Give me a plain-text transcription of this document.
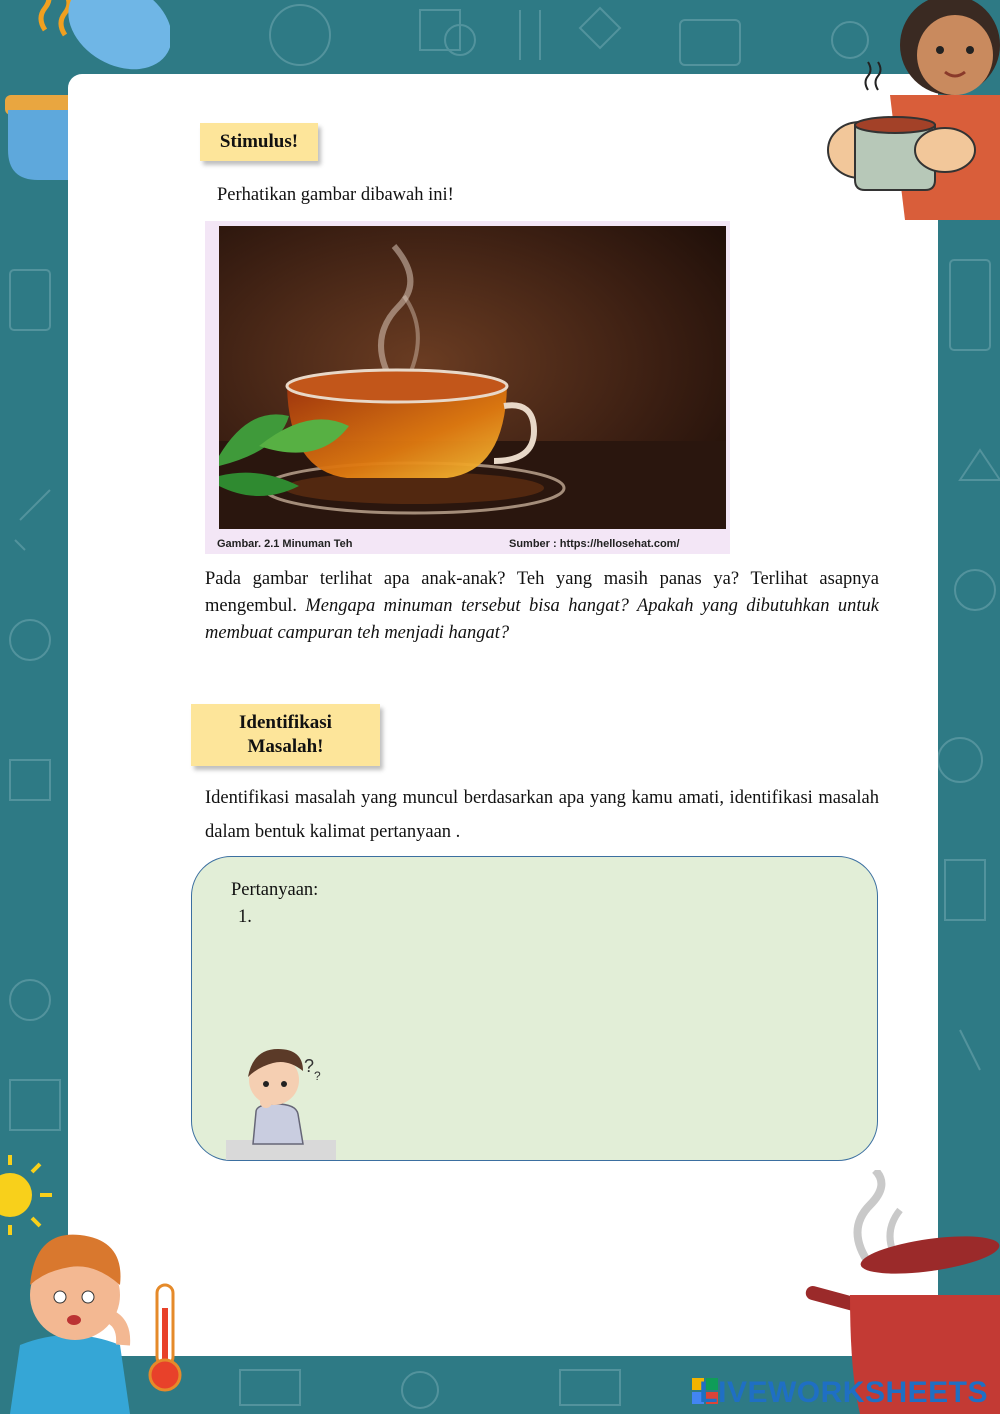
Stimulus!
Perhatikan gambar dibawah ini!
Gambar. 2.1 Minuman Teh	Sumber : https://hellosehat.com/
Pada gambar terlihat apa anak-anak? Teh yang masih panas ya? Terlihat asapnya mengembul. Mengapa minuman tersebut bisa hangat? Apakah yang dibutuhkan untuk membuat campuran teh menjadi hangat?
Identifikasi
Masalah!
Identifikasi masalah yang muncul berdasarkan apa yang kamu amati, identifikasi masalah dalam bentuk kalimat pertanyaan .
Pertanyaan:
1.
? ?
LIVEWORKSHEETS
